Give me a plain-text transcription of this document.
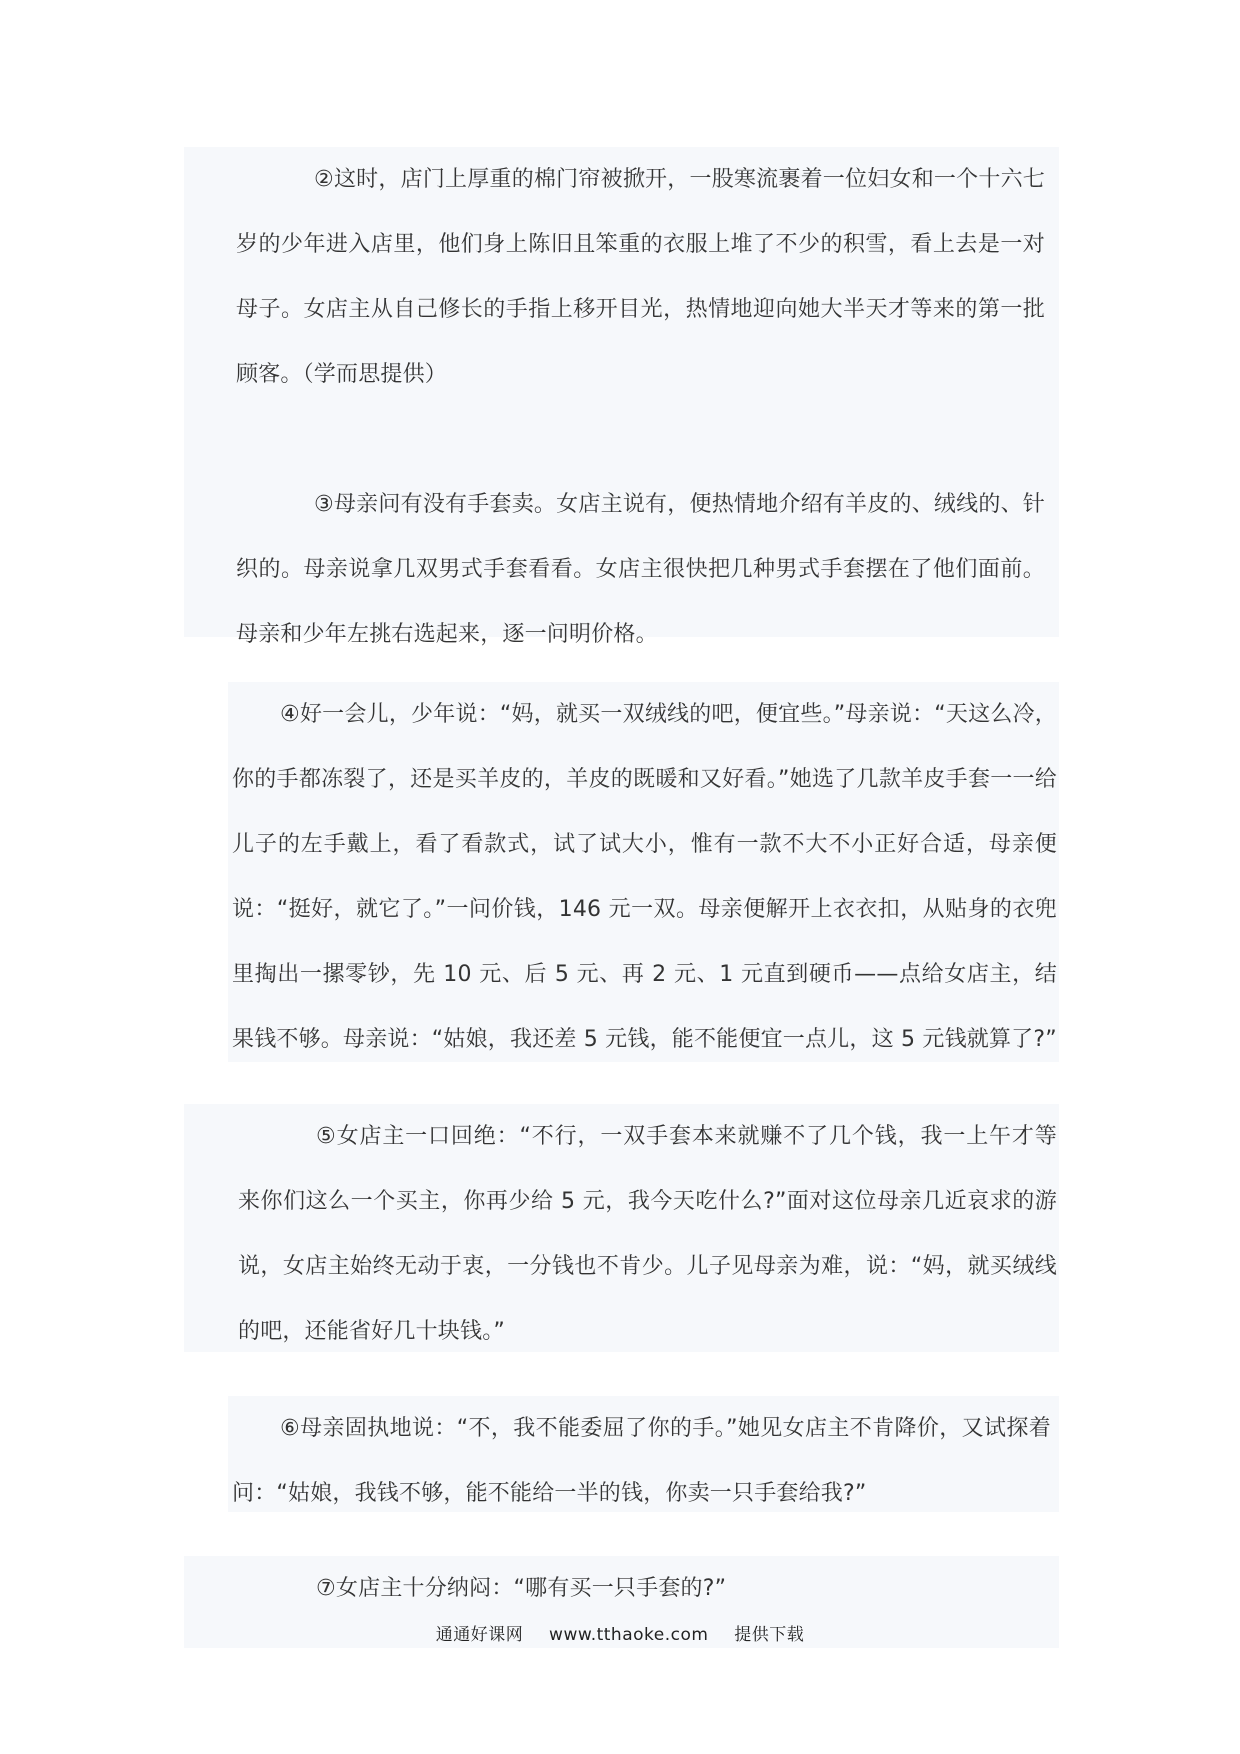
②这时，店门上厚重的棉门帘被掀开，一股寒流裹着一位妇女和一个十六七岁的少年进入店里，他们身上陈旧且笨重的衣服上堆了不少的积雪，看上去是一对母子。女店主从自己修长的手指上移开目光，热情地迎向她大半天才等来的第一批顾客。（学而思提供）

③母亲问有没有手套卖。女店主说有，便热情地介绍有羊皮的、绒线的、针织的。母亲说拿几双男式手套看看。女店主很快把几种男式手套摆在了他们面前。母亲和少年左挑右选起来，逐一问明价格。

④好一会儿，少年说：“妈，就买一双绒线的吧，便宜些。”母亲说：“天这么冷，你的手都冻裂了，还是买羊皮的，羊皮的既暖和又好看。”她选了几款羊皮手套一一给儿子的左手戴上，看了看款式，试了试大小，惟有一款不大不小正好合适，母亲便说：“挺好，就它了。”一问价钱，146 元一双。母亲便解开上衣衣扣，从贴身的衣兜里掏出一摞零钞，先 10 元、后 5 元、再 2 元、1 元直到硬币——点给女店主，结果钱不够。母亲说：“姑娘，我还差 5 元钱，能不能便宜一点儿，这 5 元钱就算了?”

⑤女店主一口回绝：“不行，一双手套本来就赚不了几个钱，我一上午才等来你们这么一个买主，你再少给 5 元，我今天吃什么?”面对这位母亲几近哀求的游说，女店主始终无动于衷，一分钱也不肯少。儿子见母亲为难，说：“妈，就买绒线的吧，还能省好几十块钱。”

⑥母亲固执地说：“不，我不能委屈了你的手。”她见女店主不肯降价，又试探着问：“姑娘，我钱不够，能不能给一半的钱，你卖一只手套给我?”

⑦女店主十分纳闷：“哪有买一只手套的?”

通通好课网 www.tthaoke.com 提供下载
